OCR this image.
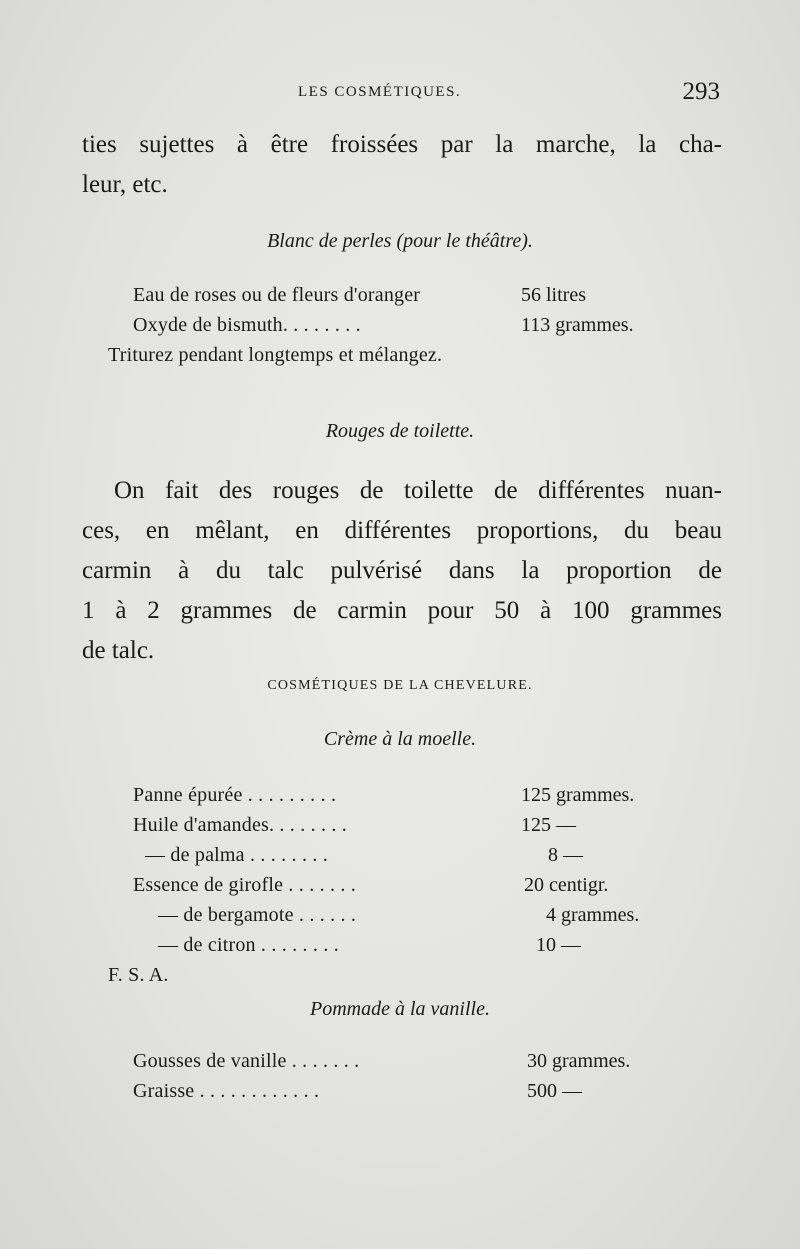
LES COSMÉTIQUES.	293
ties sujettes à être froissées par la marche, la cha-
leur, etc.
Blanc de perles (pour le théâtre).
Eau de roses ou de fleurs d'oranger	56 litres
Oxyde de bismuth. . . . . . . .	113 grammes.
Triturez pendant longtemps et mélangez.
Rouges de toilette.
On fait des rouges de toilette de différentes nuan-
ces, en mêlant, en différentes proportions, du beau
carmin à du talc pulvérisé dans la proportion de
1 à 2 grammes de carmin pour 50 à 100 grammes
de talc.
COSMÉTIQUES DE LA CHEVELURE.
Crème à la moelle.
Panne épurée . . . . . . . . .	125 grammes.
Huile d'amandes. . . . . . . .	125 —
— de palma . . . . . . . .	8 —
Essence de girofle . . . . . . .	20 centigr.
— de bergamote . . . . . .	4 grammes.
— de citron . . . . . . . .	10 —
F. S. A.
Pommade à la vanille.
Gousses de vanille . . . . . . .	30 grammes.
Graisse . . . . . . . . . . . .	500 —
